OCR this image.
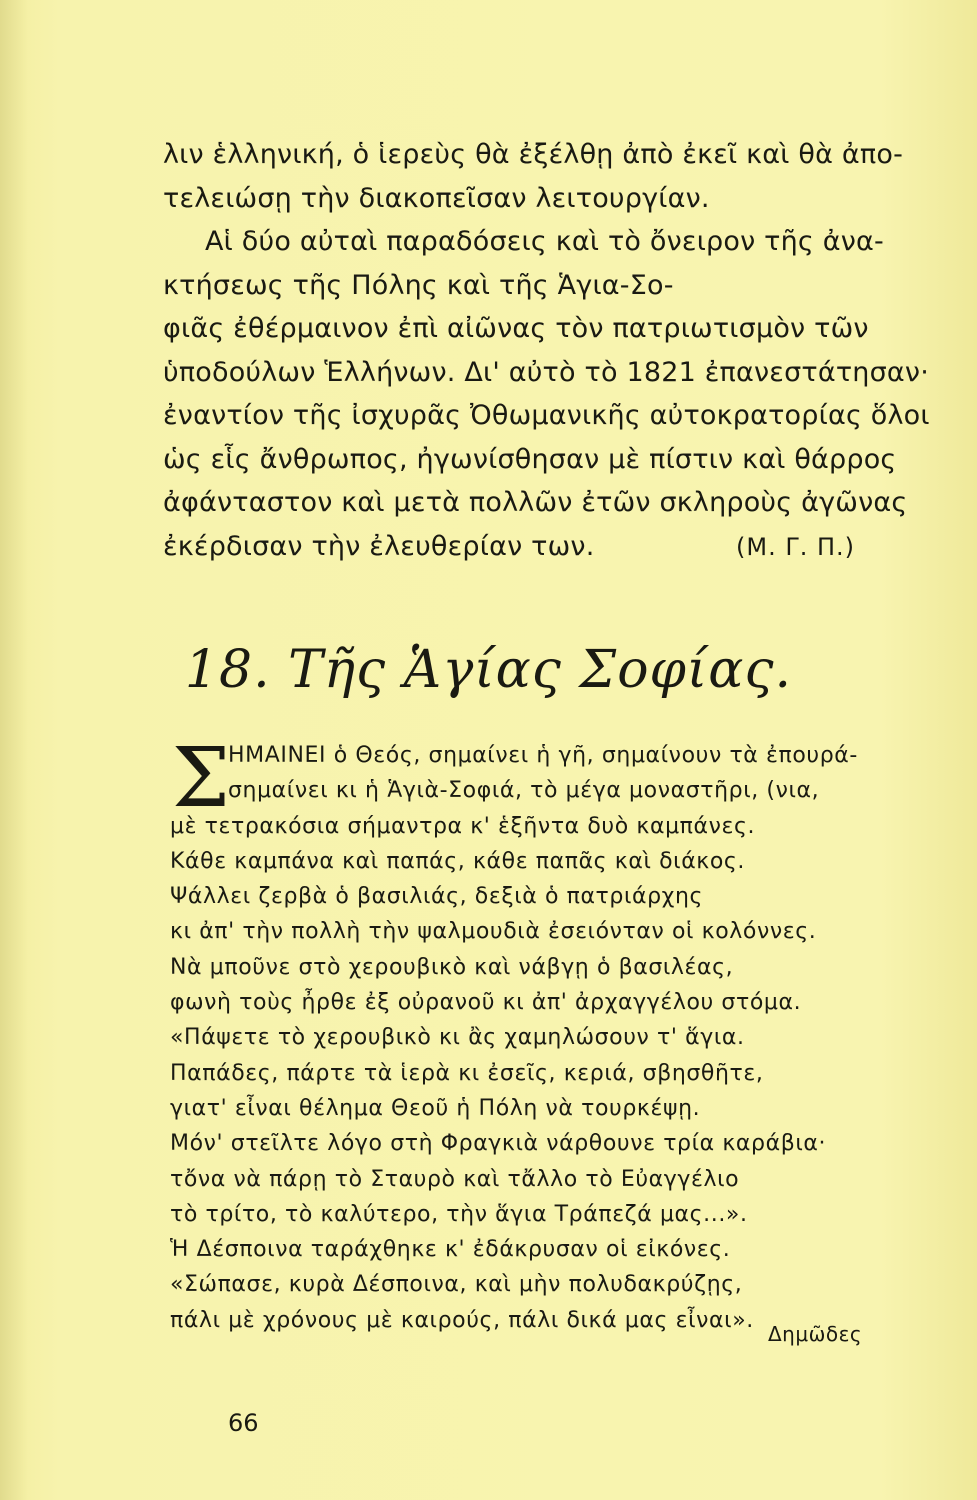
λιν ἑλληνική, ὁ ἱερεὺς θὰ ἐξέλθῃ ἀπὸ ἐκεῖ καὶ θὰ ἀπο-
τελειώσῃ τὴν διακοπεῖσαν λειτουργίαν.
Αἱ δύο αὐταὶ παραδόσεις καὶ τὸ ὄνειρον τῆς ἀνα-
κτήσεως τῆς Πόλης καὶ τῆς Ἁγια-Σο-
φιᾶς ἐθέρμαινον ἐπὶ αἰῶνας τὸν πατριωτισμὸν τῶν
ὑποδούλων Ἑλλήνων. Δι' αὐτὸ τὸ 1821 ἐπανεστάτησαν·
ἐναντίον τῆς ἰσχυρᾶς Ὀθωμανικῆς αὐτοκρατορίας ὅλοι
ὡς εἷς ἄνθρωπος, ἠγωνίσθησαν μὲ πίστιν καὶ θάρρος
ἀφάνταστον καὶ μετὰ πολλῶν ἐτῶν σκληροὺς ἀγῶνας
ἐκέρδισαν τὴν ἐλευθερίαν των.	(Μ. Γ. Π.)
18. Τῆς Ἁγίας Σοφίας.
Σ
ΗΜΑΙΝΕΙ ὁ Θεός, σημαίνει ἡ γῆ, σημαίνουν τὰ ἐπουρά-
σημαίνει κι ἡ Ἁγιὰ-Σοφιά, τὸ μέγα μοναστῆρι, (νια,
μὲ τετρακόσια σήμαντρα κ' ἑξῆντα δυὸ καμπάνες.
Κάθε καμπάνα καὶ παπάς, κάθε παπᾶς καὶ διάκος.
Ψάλλει ζερβὰ ὁ βασιλιάς, δεξιὰ ὁ πατριάρχης
κι ἀπ' τὴν πολλὴ τὴν ψαλμουδιὰ ἐσειόνταν οἱ κολόννες.
Νὰ μποῦνε στὸ χερουβικὸ καὶ νάβγῃ ὁ βασιλέας,
φωνὴ τοὺς ἦρθε ἐξ οὐρανοῦ κι ἀπ' ἀρχαγγέλου στόμα.
«Πάψετε τὸ χερουβικὸ κι ἂς χαμηλώσουν τ' ἅγια.
Παπάδες, πάρτε τὰ ἱερὰ κι ἐσεῖς, κεριά, σβησθῆτε,
γιατ' εἶναι θέλημα Θεοῦ ἡ Πόλη νὰ τουρκέψῃ.
Μόν' στεῖλτε λόγο στὴ Φραγκιὰ νάρθουνε τρία καράβια·
τὄνα νὰ πάρῃ τὸ Σταυρὸ καὶ τἄλλο τὸ Εὐαγγέλιο
τὸ τρίτο, τὸ καλύτερο, τὴν ἅγια Τράπεζά μας...».
Ἡ Δέσποινα ταράχθηκε κ' ἐδάκρυσαν οἱ εἰκόνες.
«Σώπασε, κυρὰ Δέσποινα, καὶ μὴν πολυδακρύζῃς,
πάλι μὲ χρόνους μὲ καιρούς, πάλι δικά μας εἶναι».
Δημῶδες
66
